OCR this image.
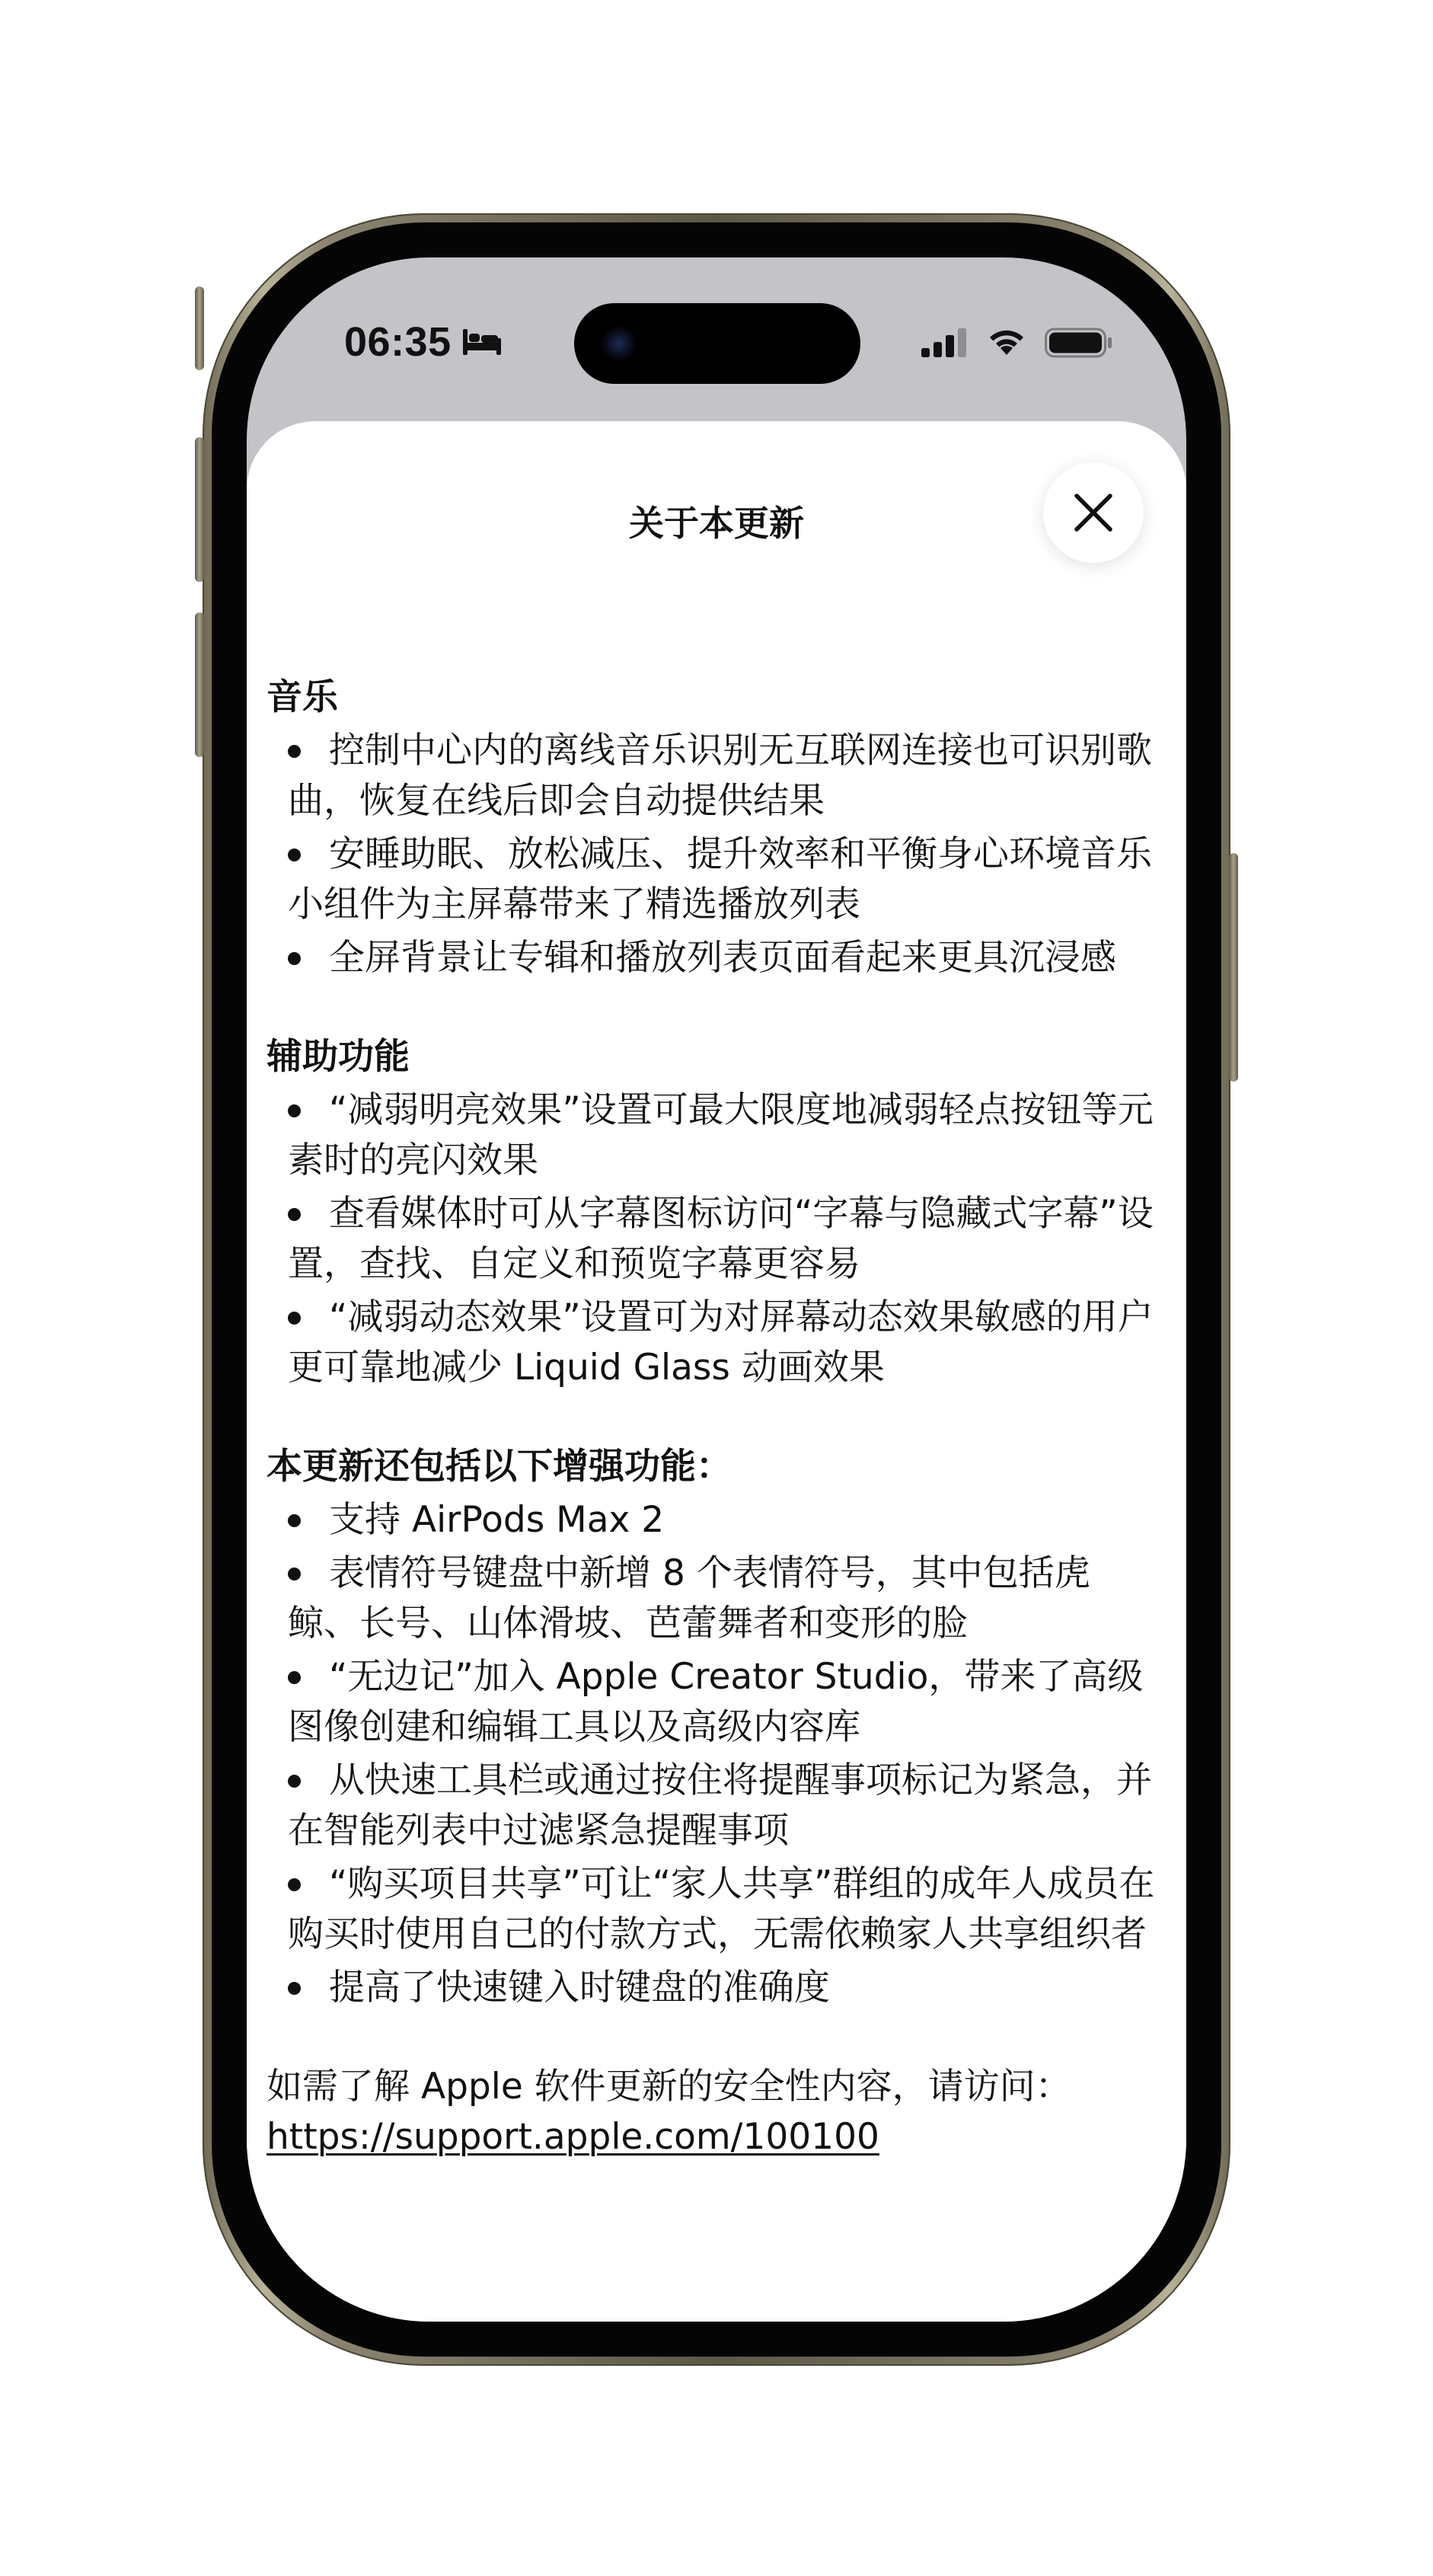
06:35
关于本更新

音乐

控制中心内的离线音乐识别无互联网连接也可识别歌曲，恢复在线后即会自动提供结果
安睡助眠、放松减压、提升效率和平衡身心环境音乐小组件为主屏幕带来了精选播放列表
全屏背景让专辑和播放列表页面看起来更具沉浸感

辅助功能

“减弱明亮效果”设置可最大限度地减弱轻点按钮等元素时的亮闪效果
查看媒体时可从字幕图标访问“字幕与隐藏式字幕”设置，查找、自定义和预览字幕更容易
“减弱动态效果”设置可为对屏幕动态效果敏感的用户更可靠地减少 Liquid Glass 动画效果

本更新还包括以下增强功能：

支持 AirPods Max 2
表情符号键盘中新增 8 个表情符号，其中包括虎鲸、长号、山体滑坡、芭蕾舞者和变形的脸
“无边记”加入 Apple Creator Studio，带来了高级图像创建和编辑工具以及高级内容库
从快速工具栏或通过按住将提醒事项标记为紧急，并在智能列表中过滤紧急提醒事项
“购买项目共享”可让“家人共享”群组的成年人成员在购买时使用自己的付款方式，无需依赖家人共享组织者
提高了快速键入时键盘的准确度

如需了解 Apple 软件更新的安全性内容，请访问：

https://support.apple.com/100100
